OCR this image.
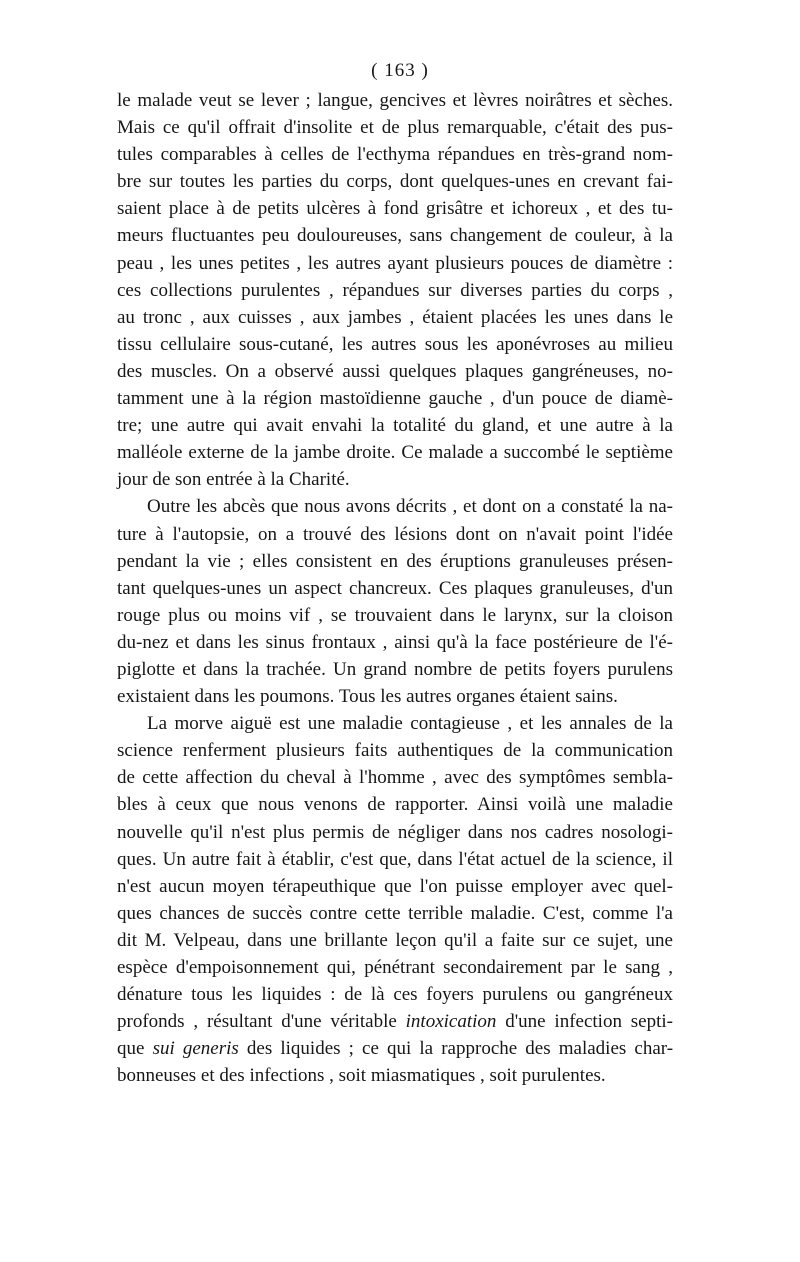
( 163 )
le malade veut se lever ; langue, gencives et lèvres noirâtres et sèches.
Mais ce qu'il offrait d'insolite et de plus remarquable, c'était des pus-
tules comparables à celles de l'ecthyma répandues en très-grand nom-
bre sur toutes les parties du corps, dont quelques-unes en crevant fai-
saient place à de petits ulcères à fond grisâtre et ichoreux , et des tu-
meurs fluctuantes peu douloureuses, sans changement de couleur, à la
peau , les unes petites , les autres ayant plusieurs pouces de diamètre :
ces collections purulentes , répandues sur diverses parties du corps ,
au tronc , aux cuisses , aux jambes , étaient placées les unes dans le
tissu cellulaire sous-cutané, les autres sous les aponévroses au milieu
des muscles. On a observé aussi quelques plaques gangréneuses, no-
tamment une à la région mastoïdienne gauche , d'un pouce de diamè-
tre; une autre qui avait envahi la totalité du gland, et une autre à la
malléole externe de la jambe droite. Ce malade a succombé le septième
jour de son entrée à la Charité.
Outre les abcès que nous avons décrits , et dont on a constaté la na-
ture à l'autopsie, on a trouvé des lésions dont on n'avait point l'idée
pendant la vie ; elles consistent en des éruptions granuleuses présen-
tant quelques-unes un aspect chancreux. Ces plaques granuleuses, d'un
rouge plus ou moins vif , se trouvaient dans le larynx, sur la cloison
du-nez et dans les sinus frontaux , ainsi qu'à la face postérieure de l'é-
piglotte et dans la trachée. Un grand nombre de petits foyers purulens
existaient dans les poumons. Tous les autres organes étaient sains.
La morve aiguë est une maladie contagieuse , et les annales de la
science renferment plusieurs faits authentiques de la communication
de cette affection du cheval à l'homme , avec des symptômes sembla-
bles à ceux que nous venons de rapporter. Ainsi voilà une maladie
nouvelle qu'il n'est plus permis de négliger dans nos cadres nosologi-
ques. Un autre fait à établir, c'est que, dans l'état actuel de la science, il
n'est aucun moyen térapeuthique que l'on puisse employer avec quel-
ques chances de succès contre cette terrible maladie. C'est, comme l'a
dit M. Velpeau, dans une brillante leçon qu'il a faite sur ce sujet, une
espèce d'empoisonnement qui, pénétrant secondairement par le sang ,
dénature tous les liquides : de là ces foyers purulens ou gangréneux
profonds , résultant d'une véritable intoxication d'une infection septi-
que sui generis des liquides ; ce qui la rapproche des maladies char-
bonneuses et des infections , soit miasmatiques , soit purulentes.
